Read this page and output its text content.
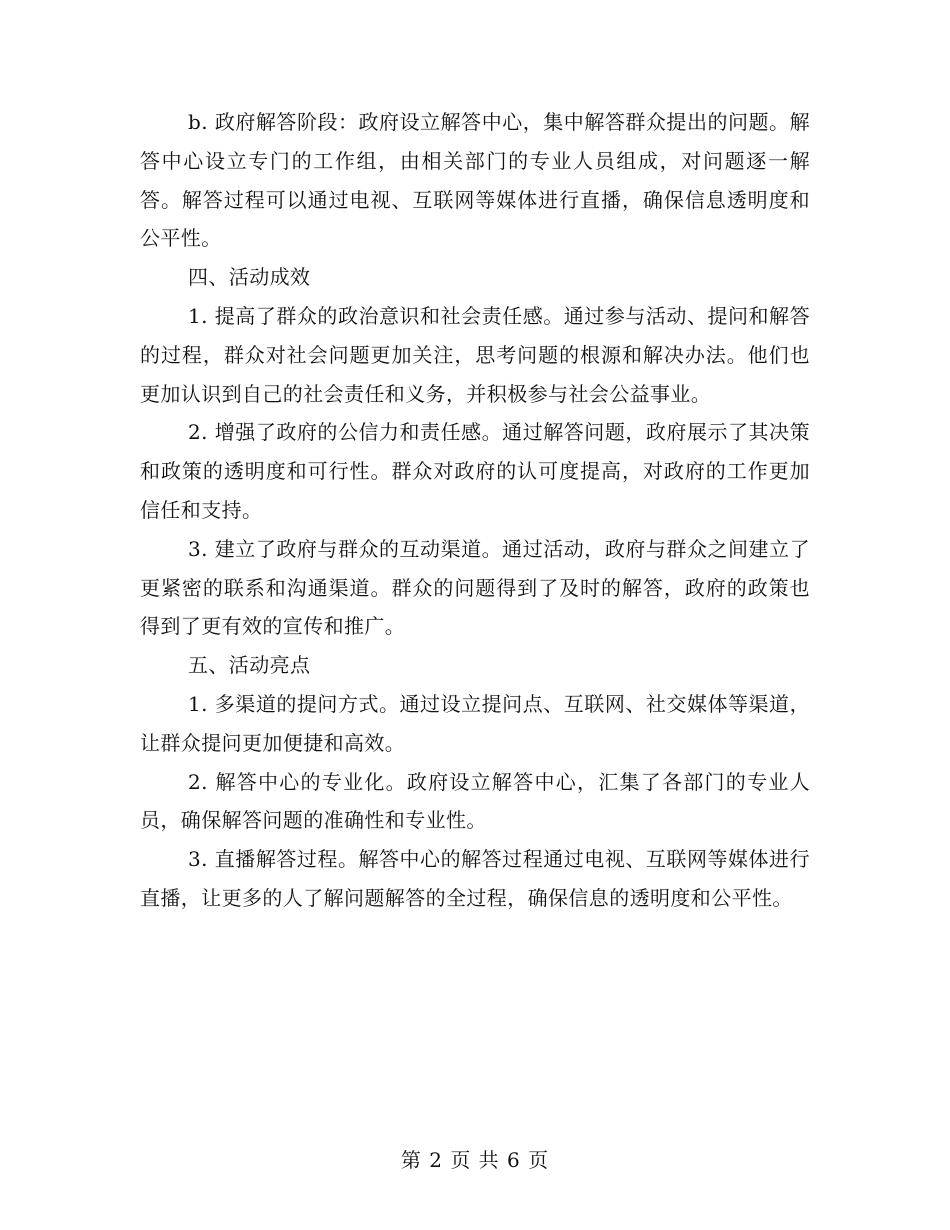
b. 政府解答阶段：政府设立解答中心，集中解答群众提出的问题。解答中心设立专门的工作组，由相关部门的专业人员组成，对问题逐一解答。解答过程可以通过电视、互联网等媒体进行直播，确保信息透明度和公平性。

四、活动成效

1. 提高了群众的政治意识和社会责任感。通过参与活动、提问和解答的过程，群众对社会问题更加关注，思考问题的根源和解决办法。他们也更加认识到自己的社会责任和义务，并积极参与社会公益事业。

2. 增强了政府的公信力和责任感。通过解答问题，政府展示了其决策和政策的透明度和可行性。群众对政府的认可度提高，对政府的工作更加信任和支持。

3. 建立了政府与群众的互动渠道。通过活动，政府与群众之间建立了更紧密的联系和沟通渠道。群众的问题得到了及时的解答，政府的政策也得到了更有效的宣传和推广。

五、活动亮点

1. 多渠道的提问方式。通过设立提问点、互联网、社交媒体等渠道，让群众提问更加便捷和高效。

2. 解答中心的专业化。政府设立解答中心，汇集了各部门的专业人员，确保解答问题的准确性和专业性。

3. 直播解答过程。解答中心的解答过程通过电视、互联网等媒体进行直播，让更多的人了解问题解答的全过程，确保信息的透明度和公平性。

第 2 页 共 6 页
